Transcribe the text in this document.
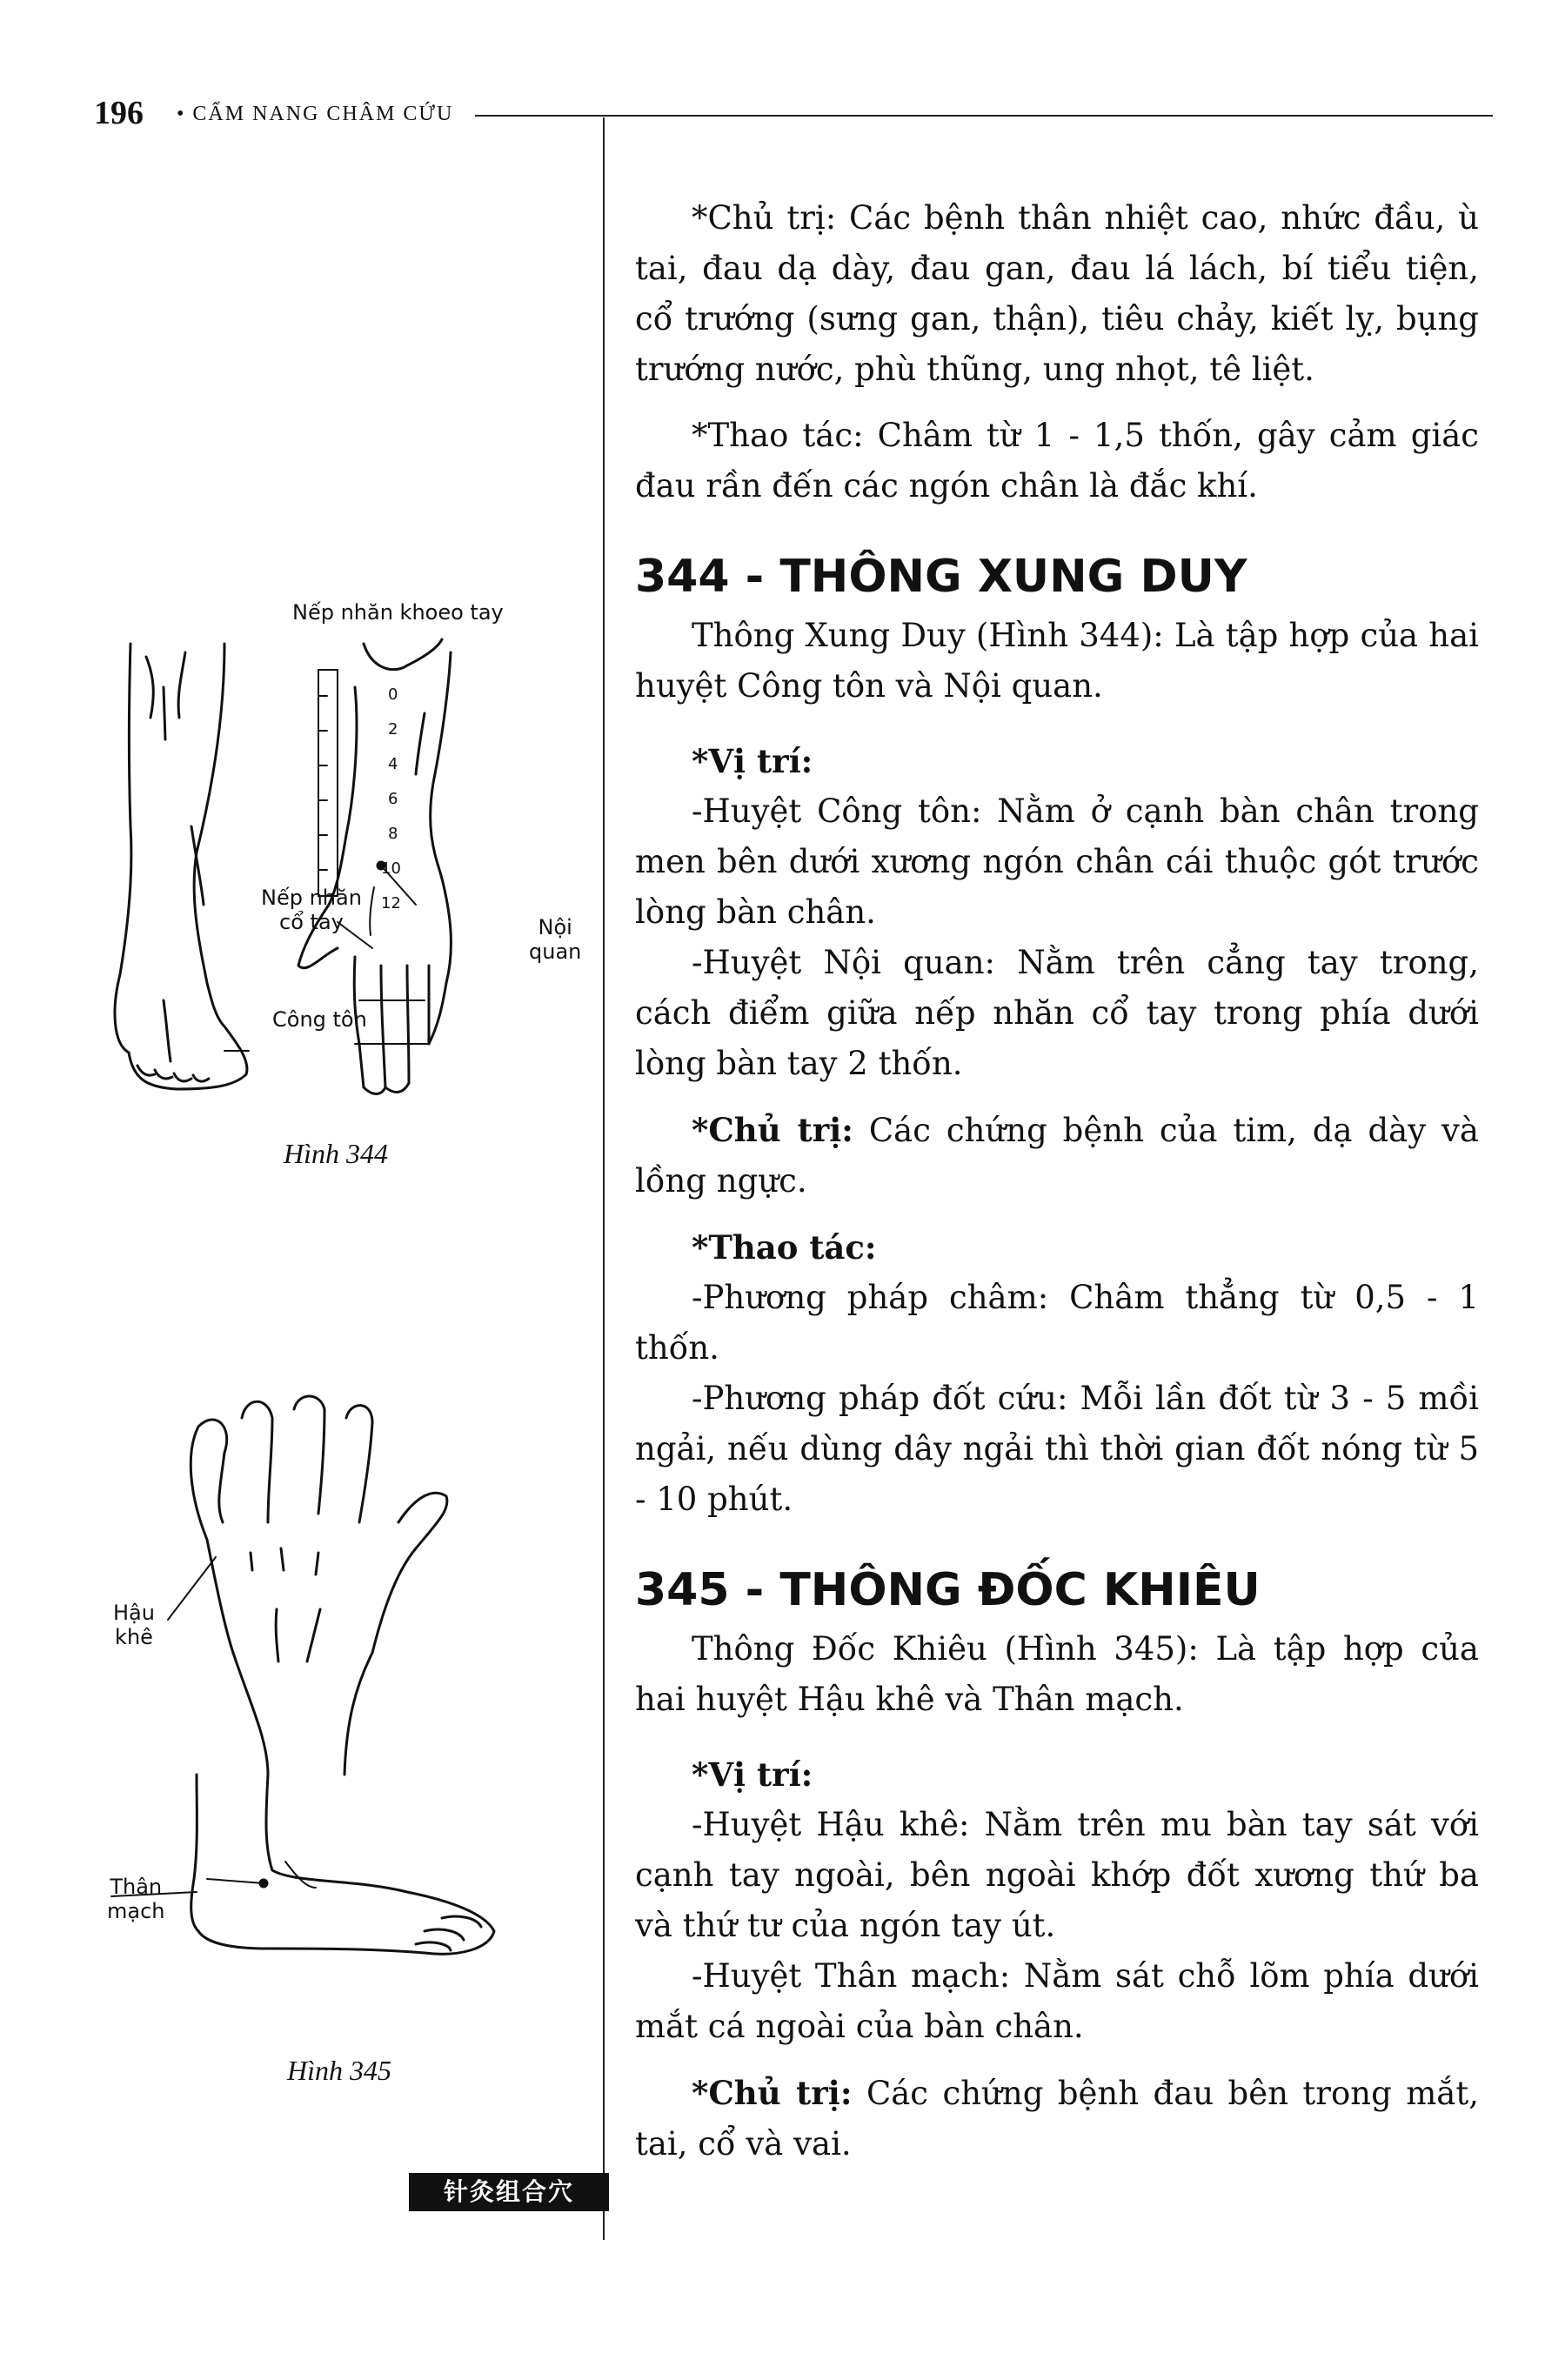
196 • CẨM NANG CHÂM CỨU
Nếp nhăn khoeo tay
0
2
4
6
8
10
12
Nếp nhăn
cổ tay
Công tôn
Nội
quan
Hình 344
Hậu
khê
Thân
mạch
Hình 345

*Chủ trị: Các bệnh thân nhiệt cao, nhức đầu, ù tai, đau dạ dày, đau gan, đau lá lách, bí tiểu tiện, cổ trướng (sưng gan, thận), tiêu chảy, kiết lỵ, bụng trướng nước, phù thũng, ung nhọt, tê liệt.

*Thao tác: Châm từ 1 - 1,5 thốn, gây cảm giác đau rần đến các ngón chân là đắc khí.

344 - THÔNG XUNG DUY

Thông Xung Duy (Hình 344): Là tập hợp của hai huyệt Công tôn và Nội quan.

*Vị trí:

-Huyệt Công tôn: Nằm ở cạnh bàn chân trong men bên dưới xương ngón chân cái thuộc gót trước lòng bàn chân.

-Huyệt Nội quan: Nằm trên cẳng tay trong, cách điểm giữa nếp nhăn cổ tay trong phía dưới lòng bàn tay 2 thốn.

*Chủ trị: Các chứng bệnh của tim, dạ dày và lồng ngực.

*Thao tác:

-Phương pháp châm: Châm thẳng từ 0,5 - 1 thốn.

-Phương pháp đốt cứu: Mỗi lần đốt từ 3 - 5 mồi ngải, nếu dùng dây ngải thì thời gian đốt nóng từ 5 - 10 phút.

345 - THÔNG ĐỐC KHIÊU

Thông Đốc Khiêu (Hình 345): Là tập hợp của hai huyệt Hậu khê và Thân mạch.

*Vị trí:

-Huyệt Hậu khê: Nằm trên mu bàn tay sát với cạnh tay ngoài, bên ngoài khớp đốt xương thứ ba và thứ tư của ngón tay út.

-Huyệt Thân mạch: Nằm sát chỗ lõm phía dưới mắt cá ngoài của bàn chân.

*Chủ trị: Các chứng bệnh đau bên trong mắt, tai, cổ và vai.

针灸组合穴
